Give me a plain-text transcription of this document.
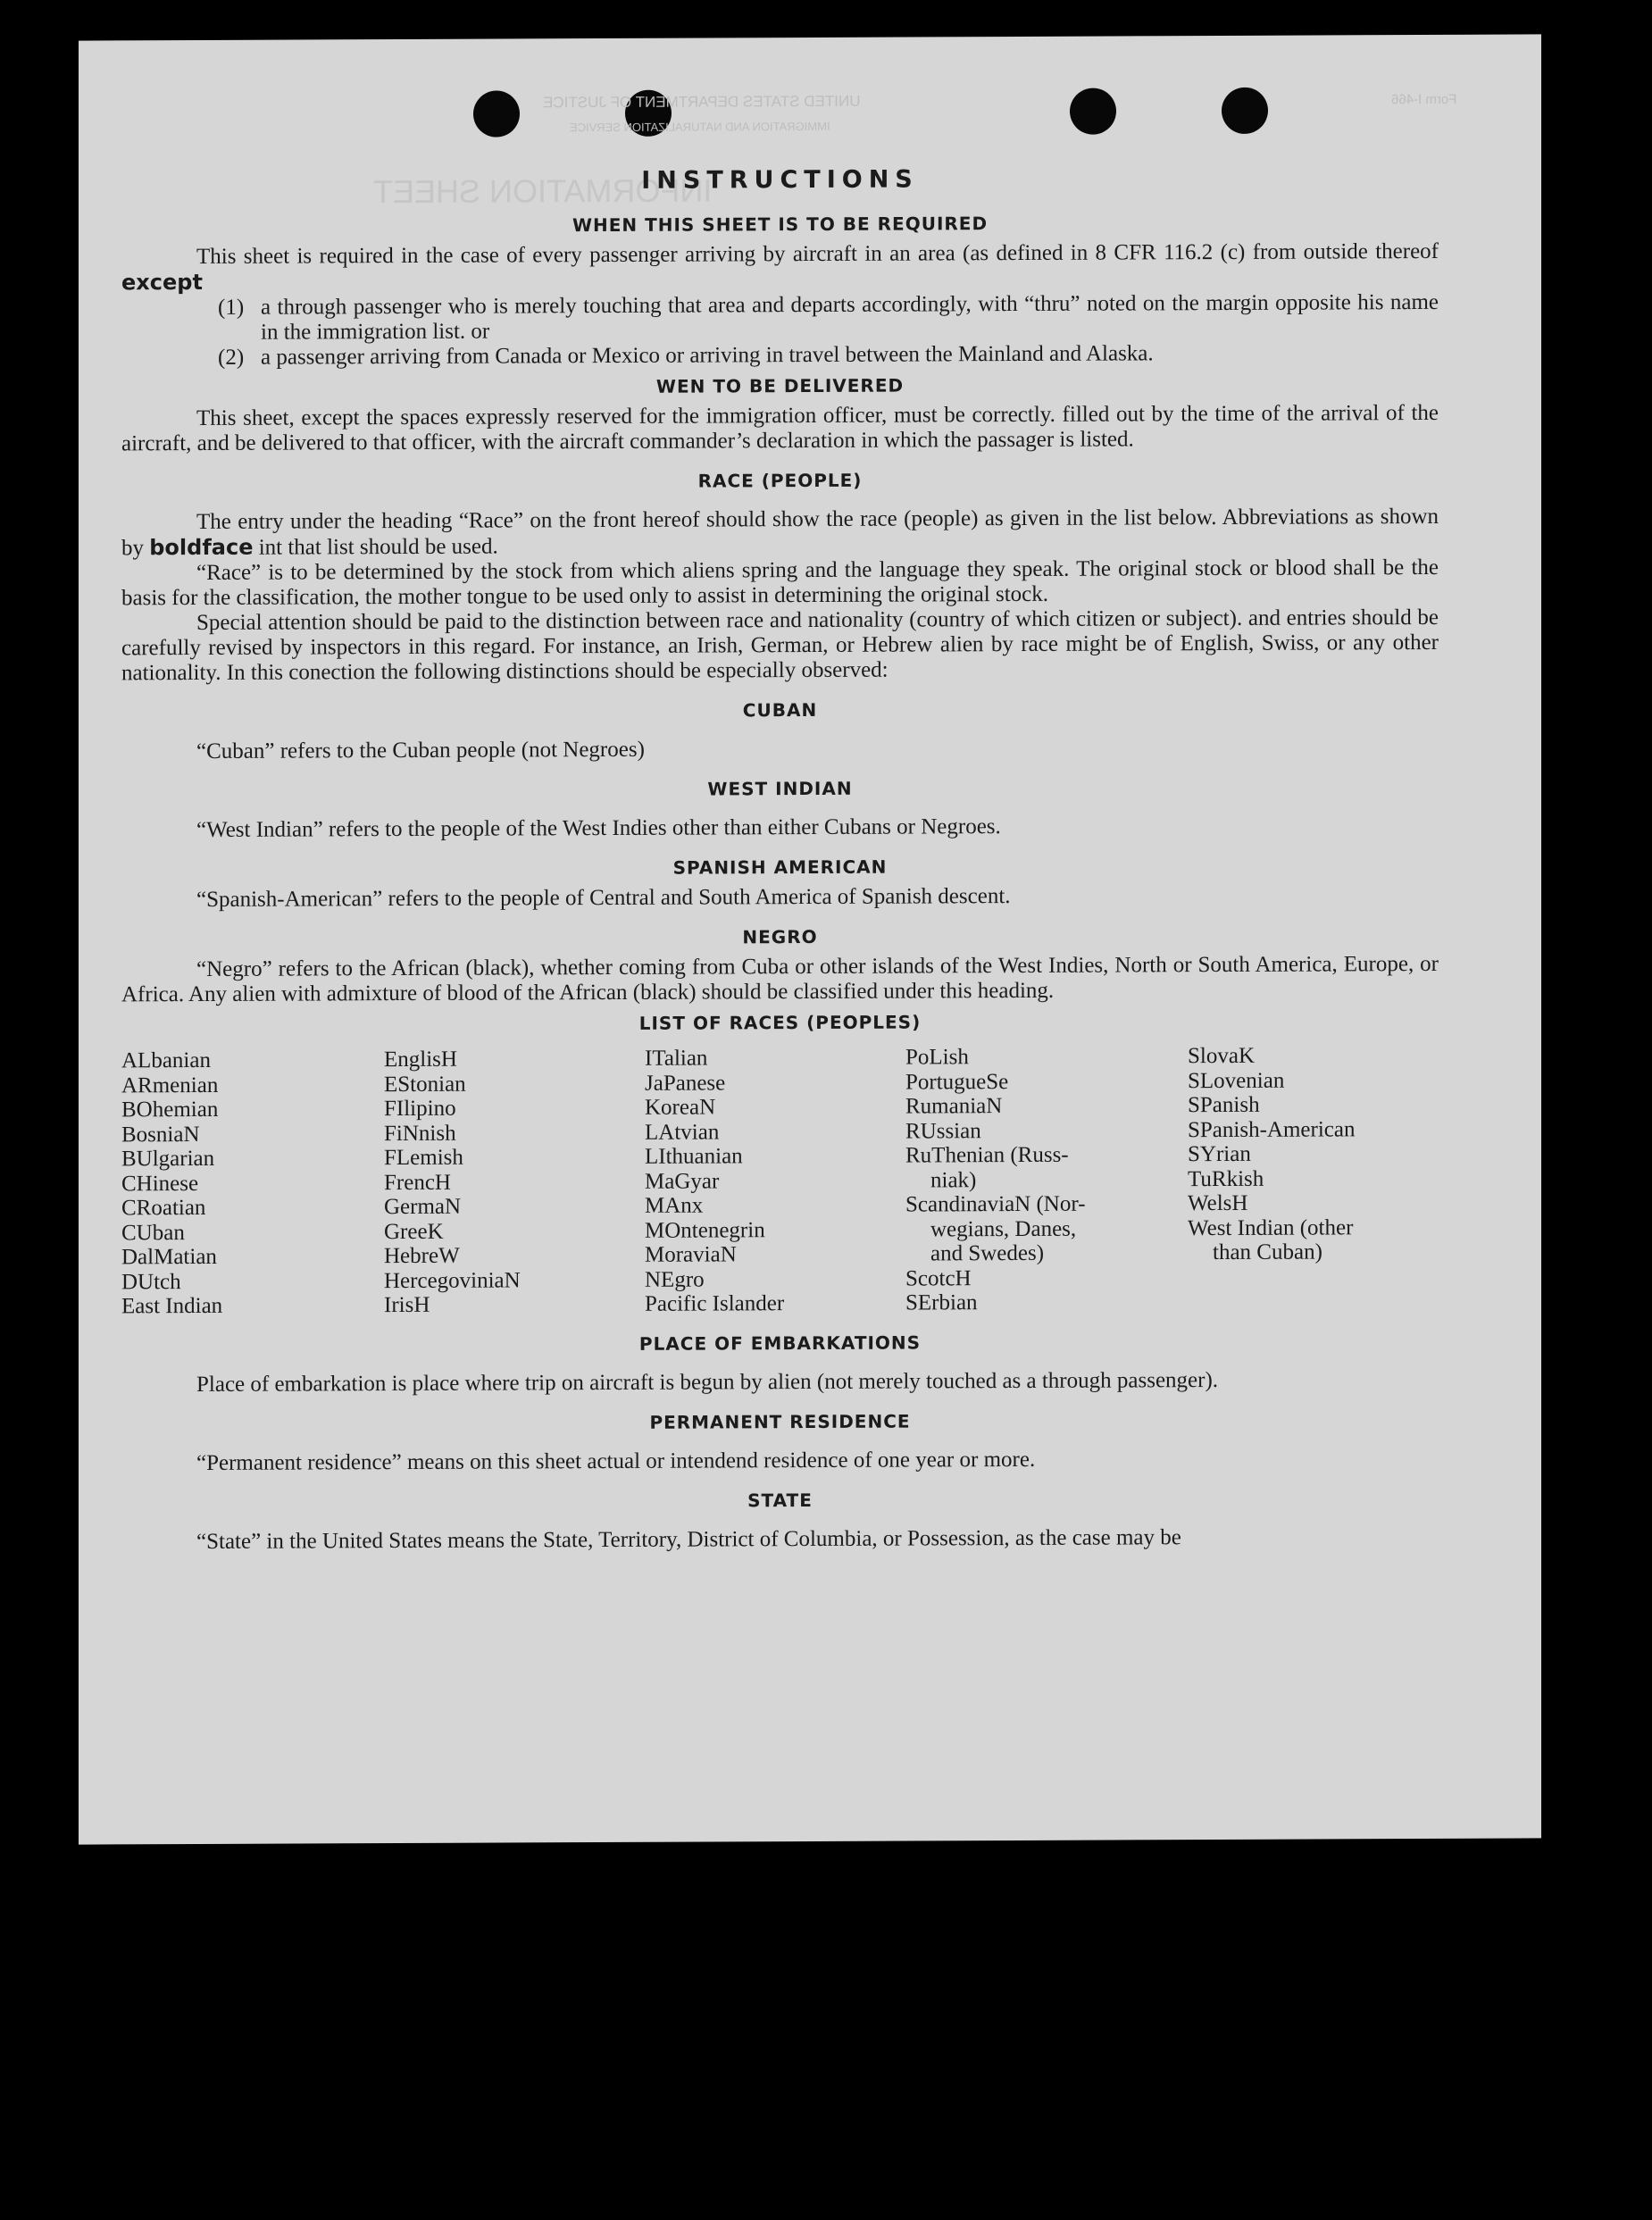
UNITED STATES DEPARTMENT OF JUSTICE
IMMIGRATION AND NATURALIZATION SERVICE
Form I-466
INFORMATION SHEET
INSTRUCTIONS
WHEN THIS SHEET IS TO BE REQUIRED

This sheet is required in the case of every passenger arriving by aircraft in an area (as defined in 8 CFR 116.2 (c) from outside thereof except

(1) a through passenger who is merely touching that area and departs accordingly, with “thru” noted on the margin opposite his name in the immigration list. or
(2) a passenger arriving from Canada or Mexico or arriving in travel between the Mainland and Alaska.
WEN TO BE DELIVERED

This sheet, except the spaces expressly reserved for the immigration officer, must be correctly. filled out by the time of the arrival of the aircraft, and be delivered to that officer, with the aircraft commander’s declaration in which the passager is listed.

RACE (PEOPLE)

The entry under the heading “Race” on the front hereof should show the race (people) as given in the list below. Abbreviations as shown by boldface int that list should be used.

“Race” is to be determined by the stock from which aliens spring and the language they speak. The original stock or blood shall be the basis for the classification, the mother tongue to be used only to assist in determining the original stock.

Special attention should be paid to the distinction between race and nationality (country of which citizen or subject). and entries should be carefully revised by inspectors in this regard. For instance, an Irish, German, or Hebrew alien by race might be of English, Swiss, or any other nationality. In this conection the following distinctions should be especially observed:

CUBAN

“Cuban” refers to the Cuban people (not Negroes)

WEST INDIAN

“West Indian” refers to the people of the West Indies other than either Cubans or Negroes.

SPANISH AMERICAN

“Spanish-American” refers to the people of Central and South America of Spanish descent.

NEGRO

“Negro” refers to the African (black), whether coming from Cuba or other islands of the West Indies, North or South America, Europe, or Africa. Any alien with admixture of blood of the African (black) should be classified under this heading.

LIST OF RACES (PEOPLES)
ALbanian
ARmenian
BOhemian
BosniaN
BUlgarian
CHinese
CRoatian
CUban
DalMatian
DUtch
East Indian
EnglisH
EStonian
FIlipino
FiNnish
FLemish
FrencH
GermaN
GreeK
HebreW
HercegoviniaN
IrisH
ITalian
JaPanese
KoreaN
LAtvian
LIthuanian
MaGyar
MAnx
MOntenegrin
MoraviaN
NEgro
Pacific Islander
PoLish
PortugueSe
RumaniaN
RUssian
RuThenian (Russ-
niak)
ScandinaviaN (Nor-
wegians, Danes,
and Swedes)
ScotcH
SErbian
SlovaK
SLovenian
SPanish
SPanish-American
SYrian
TuRkish
WelsH
West Indian (other
than Cuban)
PLACE OF EMBARKATIONS

Place of embarkation is place where trip on aircraft is begun by alien (not merely touched as a through passenger).

PERMANENT RESIDENCE

“Permanent residence” means on this sheet actual or intendend residence of one year or more.

STATE

“State” in the United States means the State, Territory, District of Columbia, or Possession, as the case may be
